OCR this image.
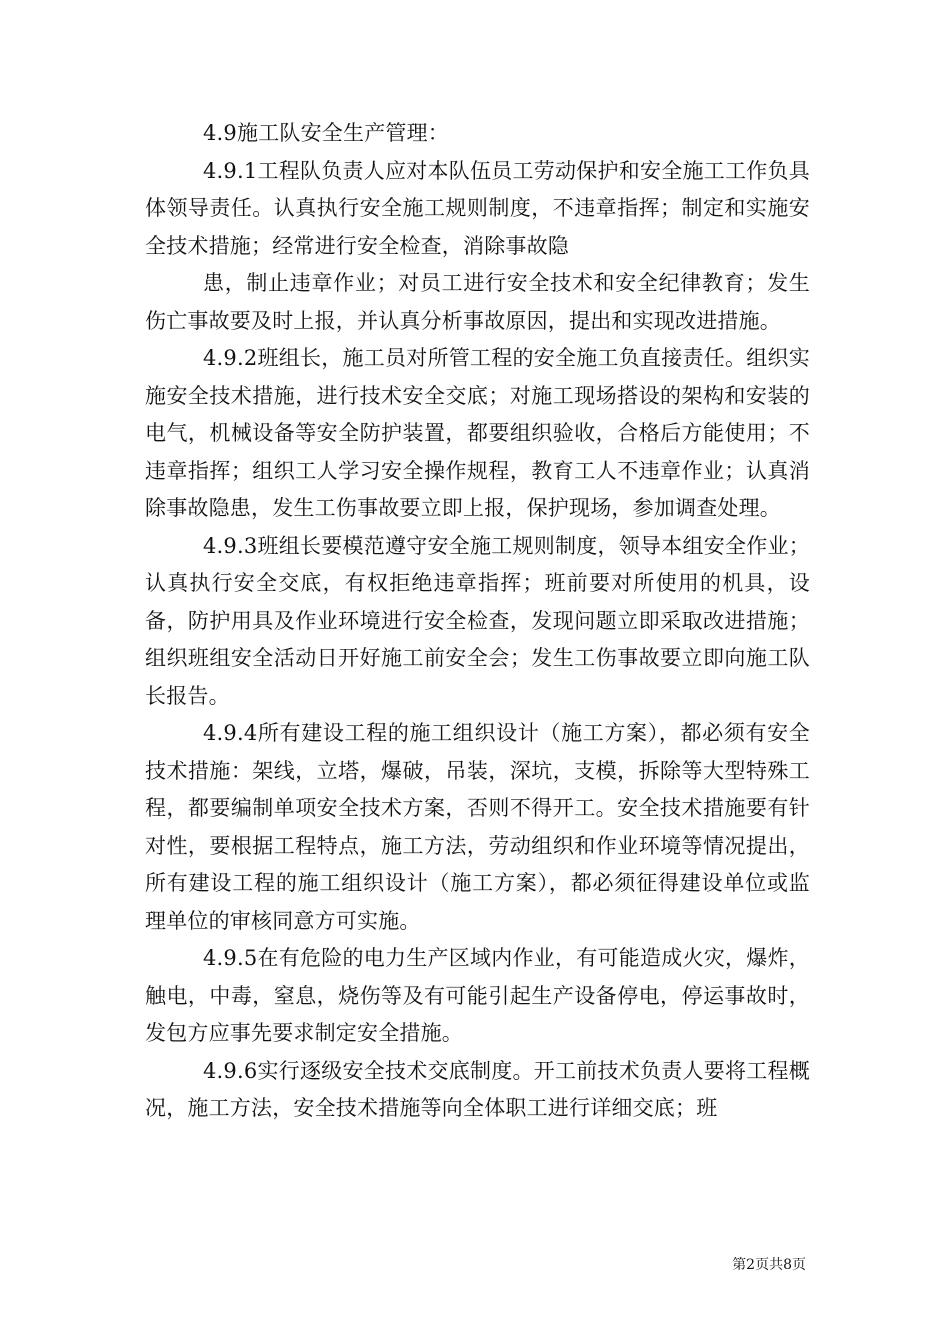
4.9施工队安全生产管理：

4.9.1工程队负责人应对本队伍员工劳动保护和安全施工工作负具体领导责任。认真执行安全施工规则制度，不违章指挥；制定和实施安全技术措施；经常进行安全检查，消除事故隐

患，制止违章作业；对员工进行安全技术和安全纪律教育；发生伤亡事故要及时上报，并认真分析事故原因，提出和实现改进措施。

4.9.2班组长，施工员对所管工程的安全施工负直接责任。组织实施安全技术措施，进行技术安全交底；对施工现场搭设的架构和安装的电气，机械设备等安全防护装置，都要组织验收，合格后方能使用；不违章指挥；组织工人学习安全操作规程，教育工人不违章作业；认真消除事故隐患，发生工伤事故要立即上报，保护现场，参加调查处理。

4.9.3班组长要模范遵守安全施工规则制度，领导本组安全作业；认真执行安全交底，有权拒绝违章指挥；班前要对所使用的机具，设备，防护用具及作业环境进行安全检查，发现问题立即采取改进措施；组织班组安全活动日开好施工前安全会；发生工伤事故要立即向施工队长报告。

4.9.4所有建设工程的施工组织设计（施工方案），都必须有安全技术措施：架线，立塔，爆破，吊装，深坑，支模，拆除等大型特殊工程，都要编制单项安全技术方案，否则不得开工。安全技术措施要有针对性，要根据工程特点，施工方法，劳动组织和作业环境等情况提出，所有建设工程的施工组织设计（施工方案），都必须征得建设单位或监理单位的审核同意方可实施。

4.9.5在有危险的电力生产区域内作业，有可能造成火灾，爆炸，触电，中毒，窒息，烧伤等及有可能引起生产设备停电，停运事故时，发包方应事先要求制定安全措施。

4.9.6实行逐级安全技术交底制度。开工前技术负责人要将工程概况，施工方法，安全技术措施等向全体职工进行详细交底；班

第2页共8页
